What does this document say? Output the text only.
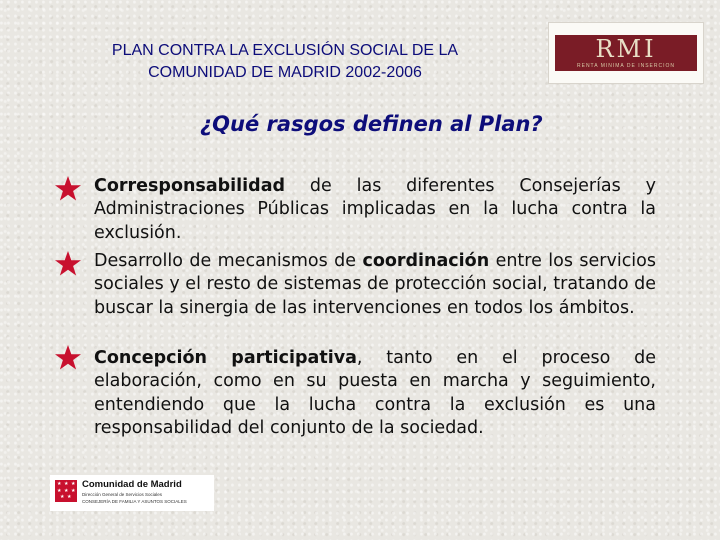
PLAN CONTRA LA EXCLUSIÓN SOCIAL DE LA
COMUNIDAD DE MADRID 2002-2006
RMI
RENTA MINIMA DE INSERCION
¿Qué rasgos definen al Plan?

Corresponsabilidad de las diferentes Consejerías y Administraciones Públicas implicadas en la lucha contra la exclusión.

Desarrollo de mecanismos de coordinación entre los servicios sociales y el resto de sistemas de protección social, tratando de buscar la sinergia de las intervenciones en todos los ámbitos.

Concepción participativa, tanto en el proceso de elaboración, como en su puesta en marcha y seguimiento, entendiendo que la lucha contra la exclusión es una responsabilidad del conjunto de la sociedad.

★ ★ ★
★ ★ ★
★ ★
Comunidad de Madrid
Dirección General de Servicios Sociales
CONSEJERÍA DE FAMILIA Y ASUNTOS SOCIALES
